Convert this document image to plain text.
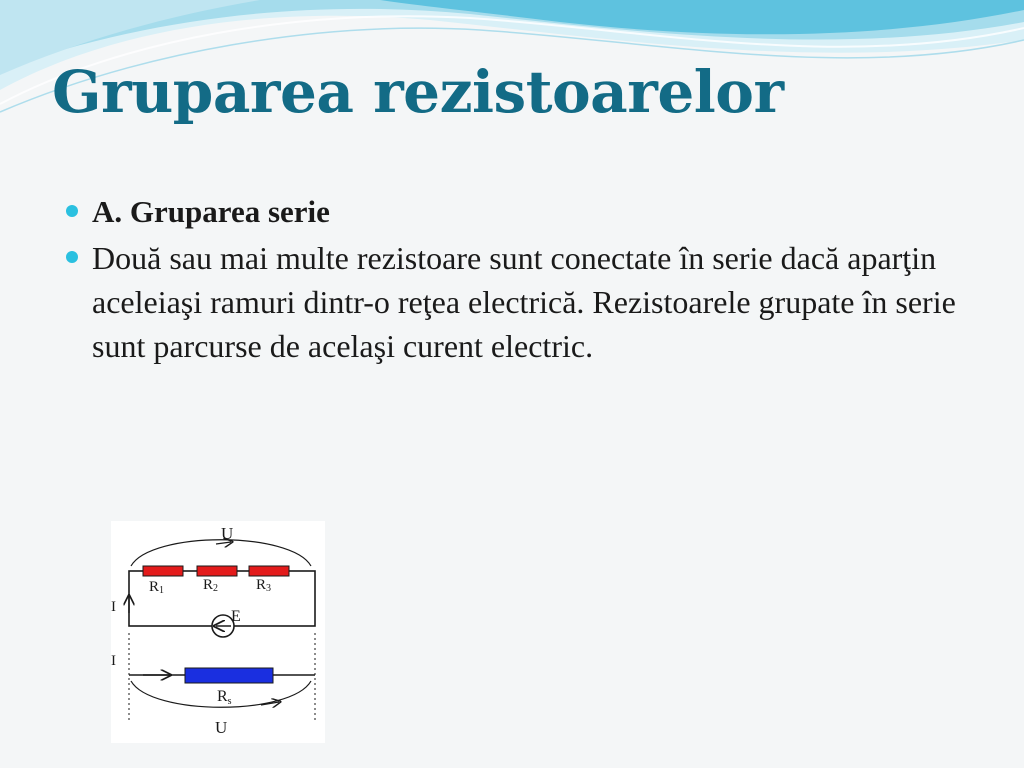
Gruparea rezistoarelor
A. Gruparea serie
Două sau mai multe rezistoare sunt conectate în serie dacă aparţin aceleiaşi ramuri dintr-o reţea electrică. Rezistoarele grupate în serie sunt parcurse de acelaşi curent electric.
U
R1	R2	R3
I
E
I
Rs
U
